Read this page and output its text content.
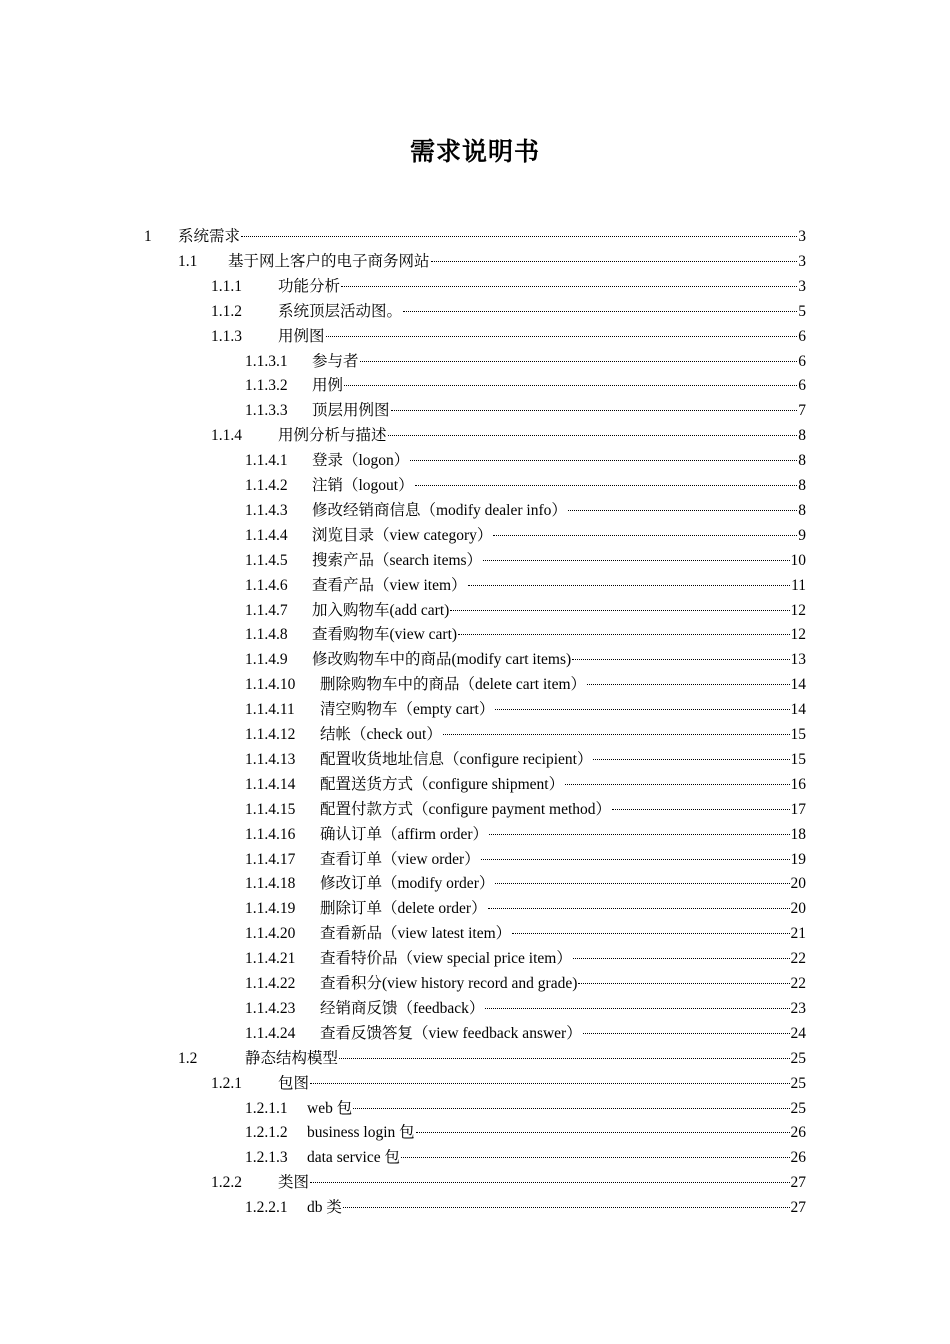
需求说明书
1	系统需求	3
1.1	基于网上客户的电子商务网站	3
1.1.1	功能分析	3
1.1.2	系统顶层活动图。	5
1.1.3	用例图	6
1.1.3.1	参与者	6
1.1.3.2	用例	6
1.1.3.3	顶层用例图	7
1.1.4	用例分析与描述	8
1.1.4.1	登录（logon）	8
1.1.4.2	注销（logout）	8
1.1.4.3	修改经销商信息（modify dealer info）	8
1.1.4.4	浏览目录（view category）	9
1.1.4.5	搜索产品（search items）	10
1.1.4.6	查看产品（view item）	11
1.1.4.7	加入购物车(add cart)	12
1.1.4.8	查看购物车(view cart)	12
1.1.4.9	修改购物车中的商品(modify cart items)	13
1.1.4.10	删除购物车中的商品（delete cart item）	14
1.1.4.11	清空购物车（empty cart）	14
1.1.4.12	结帐（check out）	15
1.1.4.13	配置收货地址信息（configure recipient）	15
1.1.4.14	配置送货方式（configure shipment）	16
1.1.4.15	配置付款方式（configure payment method）	17
1.1.4.16	确认订单（affirm order）	18
1.1.4.17	查看订单（view order）	19
1.1.4.18	修改订单（modify order）	20
1.1.4.19	删除订单（delete order）	20
1.1.4.20	查看新品（view latest item）	21
1.1.4.21	查看特价品（view special price item）	22
1.1.4.22	查看积分(view history record and grade)	22
1.1.4.23	经销商反馈（feedback）	23
1.1.4.24	查看反馈答复（view feedback answer）	24
1.2	静态结构模型	25
1.2.1	包图	25
1.2.1.1	web 包	25
1.2.1.2	business login 包	26
1.2.1.3	data service 包	26
1.2.2	类图	27
1.2.2.1	db 类	27
